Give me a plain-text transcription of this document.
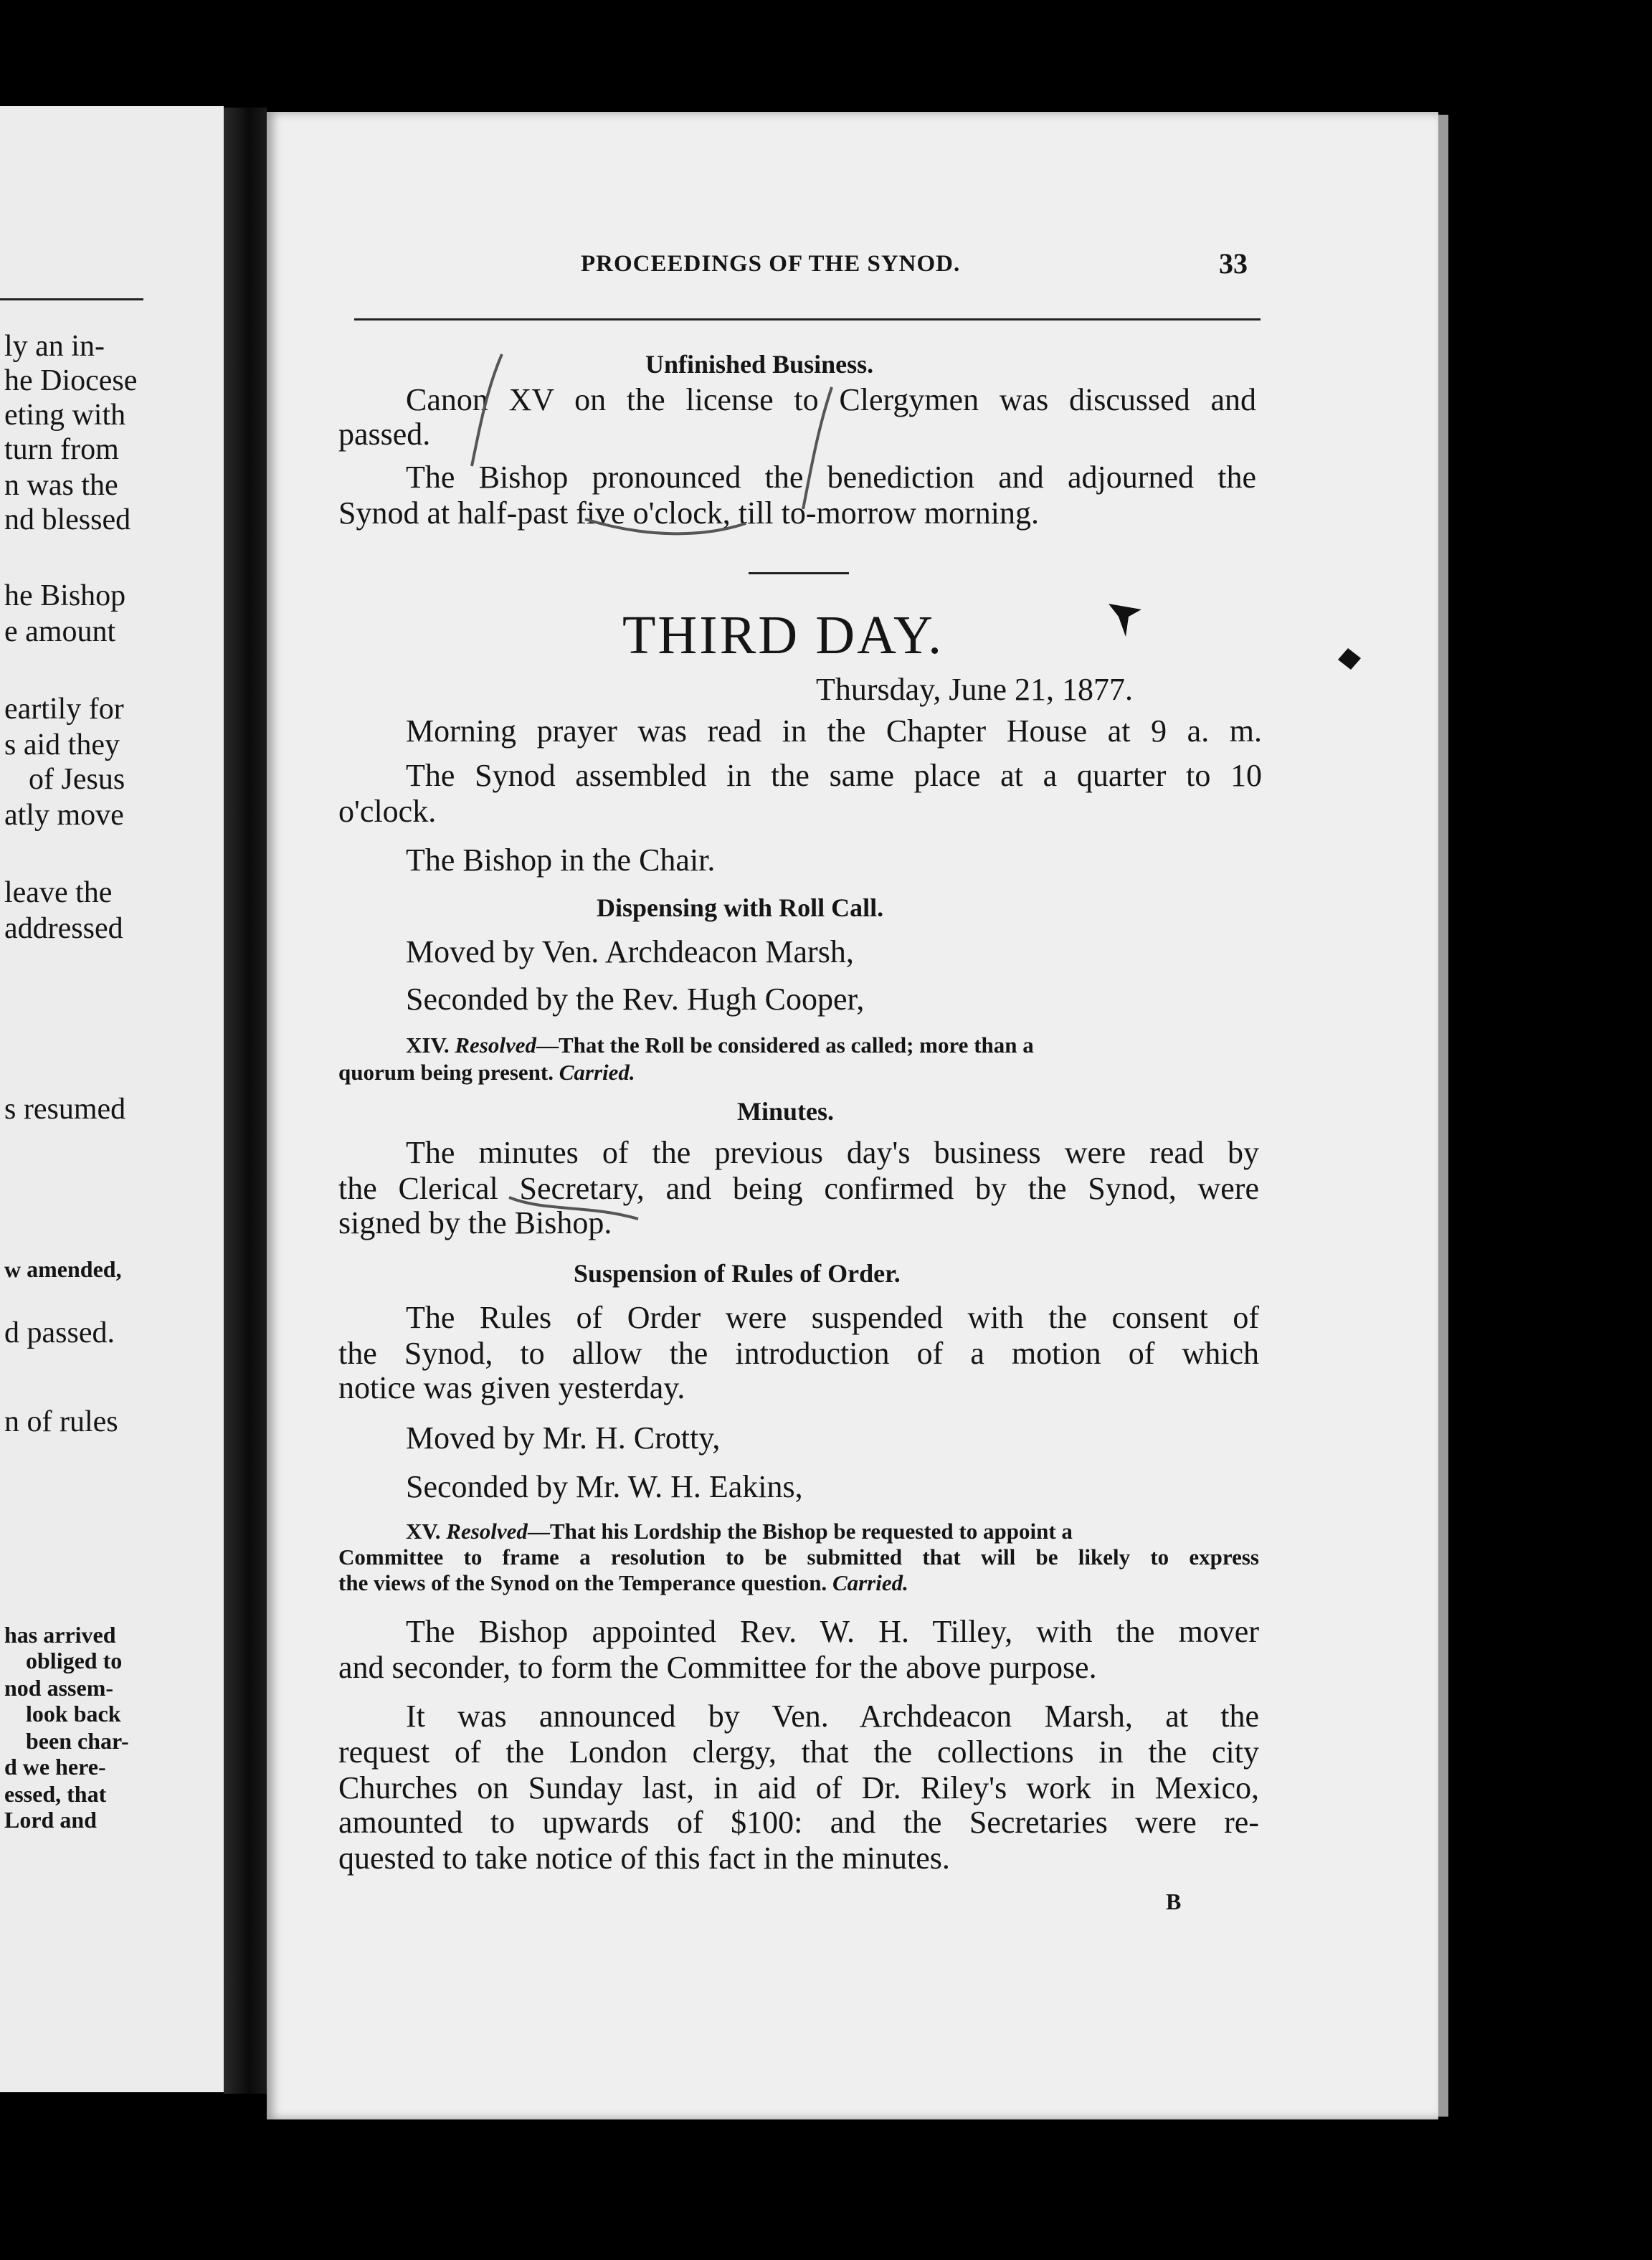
ly an in-
he Diocese
eting with
turn from
n was the
nd blessed
he Bishop
e amount
eartily for
s aid they
of Jesus
atly move
leave the
addressed
s resumed
w amended,
d passed.
n of rules
has arrived
obliged to
nod assem-
look back
been char-
d we here-
essed, that
Lord and
PROCEEDINGS OF THE SYNOD.	33
Unfinished Business.
Canon XV on the license to Clergymen was discussed and
passed.
The Bishop pronounced the benediction and adjourned the
Synod at half-past five o'clock, till to-morrow morning.
THIRD DAY.
Thursday, June 21, 1877.
Morning prayer was read in the Chapter House at 9 a. m.
The Synod assembled in the same place at a quarter to 10
o'clock.
The Bishop in the Chair.
Dispensing with Roll Call.
Moved by Ven. Archdeacon Marsh,
Seconded by the Rev. Hugh Cooper,
XIV. Resolved—That the Roll be considered as called; more than a
quorum being present. Carried.
Minutes.
The minutes of the previous day's business were read by
the Clerical Secretary, and being confirmed by the Synod, were
signed by the Bishop.
Suspension of Rules of Order.
The Rules of Order were suspended with the consent of
the Synod, to allow the introduction of a motion of which
notice was given yesterday.
Moved by Mr. H. Crotty,
Seconded by Mr. W. H. Eakins,
XV. Resolved—That his Lordship the Bishop be requested to appoint a
Committee to frame a resolution to be submitted that will be likely to express
the views of the Synod on the Temperance question. Carried.
The Bishop appointed Rev. W. H. Tilley, with the mover
and seconder, to form the Committee for the above purpose.
It was announced by Ven. Archdeacon Marsh, at the
request of the London clergy, that the collections in the city
Churches on Sunday last, in aid of Dr. Riley's work in Mexico,
amounted to upwards of $100: and the Secretaries were re-
quested to take notice of this fact in the minutes.
B
